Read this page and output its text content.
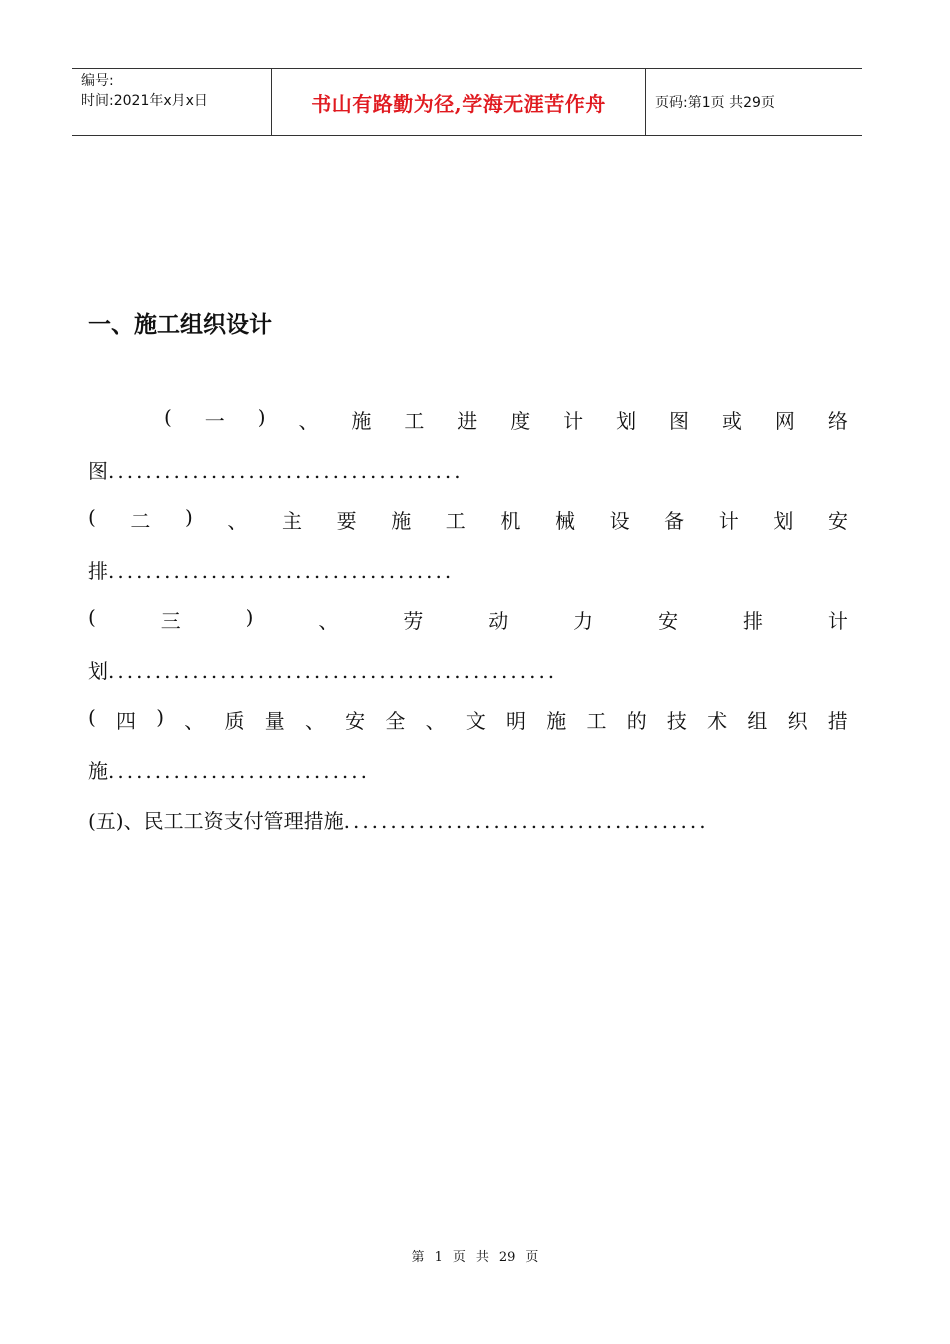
编号:
时间:2021年x月x日	书山有路勤为径,学海无涯苦作舟	页码:第1页 共29页
一、施工组织设计
( 一 ) 、 施 工 进 度 计 划 图 或 网 络
图......................................
( 二 ) 、 主 要 施 工 机 械 设 备 计 划 安
排.....................................
(	三	)	、	劳	动	力	安	排	计
划................................................
( 四 ) 、 质 量 、 安 全 、 文 明 施 工 的 技 术 组 织 措
施............................
(五)、民工工资支付管理措施.......................................
第 1 页 共 29 页
